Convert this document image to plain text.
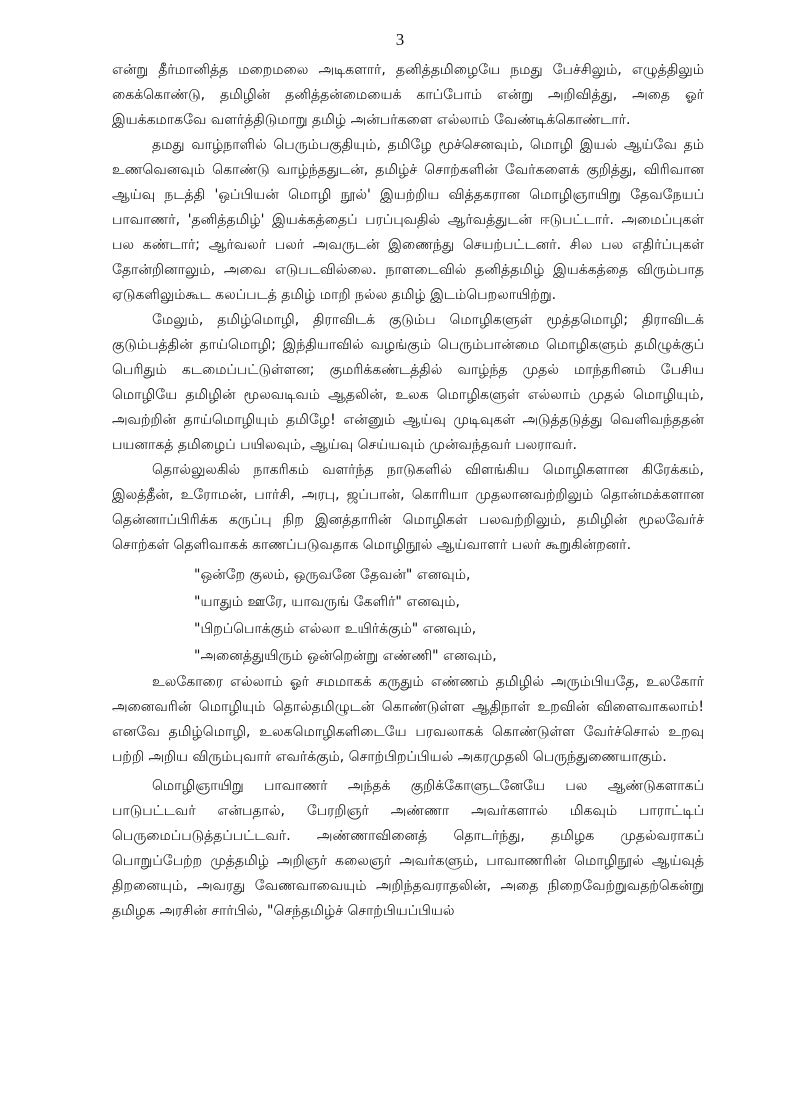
3

என்று தீர்மானித்த மறைமலை அடிகளார், தனித்தமிழையே நமது பேச்சிலும், எழுத்திலும் கைக்கொண்டு, தமிழின் தனித்தன்மையைக் காப்போம் என்று அறிவித்து, அதை ஓர் இயக்கமாகவே வளர்த்திடுமாறு தமிழ் அன்பர்களை எல்லாம் வேண்டிக்கொண்டார்.

தமது வாழ்நாளில் பெரும்பகுதியும், தமிழே மூச்செனவும், மொழி இயல் ஆய்வே தம் உணவெனவும் கொண்டு வாழ்ந்ததுடன், தமிழ்ச் சொற்களின் வேர்களைக் குறித்து, விரிவான ஆய்வு நடத்தி 'ஒப்பியன் மொழி நூல்' இயற்றிய வித்தகரான மொழிஞாயிறு தேவநேயப் பாவாணர், 'தனித்தமிழ்' இயக்கத்தைப் பரப்புவதில் ஆர்வத்துடன் ஈடுபட்டார். அமைப்புகள் பல கண்டார்; ஆர்வலர் பலர் அவருடன் இணைந்து செயற்பட்டனர். சில பல எதிர்ப்புகள் தோன்றினாலும், அவை எடுபடவில்லை. நாளடைவில் தனித்தமிழ் இயக்கத்தை விரும்பாத ஏடுகளிலும்கூட கலப்படத் தமிழ் மாறி நல்ல தமிழ் இடம்பெறலாயிற்று.

மேலும், தமிழ்மொழி, திராவிடக் குடும்ப மொழிகளுள் மூத்தமொழி; திராவிடக் குடும்பத்தின் தாய்மொழி; இந்தியாவில் வழங்கும் பெரும்பான்மை மொழிகளும் தமிழுக்குப் பெரிதும் கடமைப்பட்டுள்ளன; குமரிக்கண்டத்தில் வாழ்ந்த முதல் மாந்தரினம் பேசிய மொழியே தமிழின் மூலவடிவம் ஆதலின், உலக மொழிகளுள் எல்லாம் முதல் மொழியும், அவற்றின் தாய்மொழியும் தமிழே! என்னும் ஆய்வு முடிவுகள் அடுத்தடுத்து வெளிவந்ததன் பயனாகத் தமிழைப் பயிலவும், ஆய்வு செய்யவும் முன்வந்தவர் பலராவர்.

தொல்லுலகில் நாகரிகம் வளர்ந்த நாடுகளில் விளங்கிய மொழிகளான கிரேக்கம், இலத்தீன், உரோமன், பார்சி, அரபு, ஜப்பான், கொரியா முதலானவற்றிலும் தொன்மக்களான தென்னாப்பிரிக்க கருப்பு நிற இனத்தாரின் மொழிகள் பலவற்றிலும், தமிழின் மூலவேர்ச் சொற்கள் தெளிவாகக் காணப்படுவதாக மொழிநூல் ஆய்வாளர் பலர் கூறுகின்றனர்.

"ஒன்றே குலம், ஒருவனே தேவன்" எனவும்,

"யாதும் ஊரே, யாவருங் கேளிர்" எனவும்,

"பிறப்பொக்கும் எல்லா உயிர்க்கும்" எனவும்,

"அனைத்துயிரும் ஒன்றென்று எண்ணி" எனவும்,

உலகோரை எல்லாம் ஓர் சமமாகக் கருதும் எண்ணம் தமிழில் அரும்பியதே, உலகோர் அனைவரின் மொழியும் தொல்தமிழுடன் கொண்டுள்ள ஆதிநாள் உறவின் விளைவாகலாம்! எனவே தமிழ்மொழி, உலகமொழிகளிடையே பரவலாகக் கொண்டுள்ள வேர்ச்சொல் உறவு பற்றி அறிய விரும்புவார் எவர்க்கும், சொற்பிறப்பியல் அகரமுதலி பெருந்துணையாகும்.

மொழிஞாயிறு பாவாணர் அந்தக் குறிக்கோளுடனேயே பல ஆண்டுகளாகப் பாடுபட்டவர் என்பதால், பேரறிஞர் அண்ணா அவர்களால் மிகவும் பாராட்டிப் பெருமைப்படுத்தப்பட்டவர். அண்ணாவினைத் தொடர்ந்து, தமிழக முதல்வராகப் பொறுப்பேற்ற முத்தமிழ் அறிஞர் கலைஞர் அவர்களும், பாவாணரின் மொழிநூல் ஆய்வுத் திறனையும், அவரது வேணவாவையும் அறிந்தவராதலின், அதை நிறைவேற்றுவதற்கென்று தமிழக அரசின் சார்பில், "செந்தமிழ்ச் சொற்பியப்பியல்
